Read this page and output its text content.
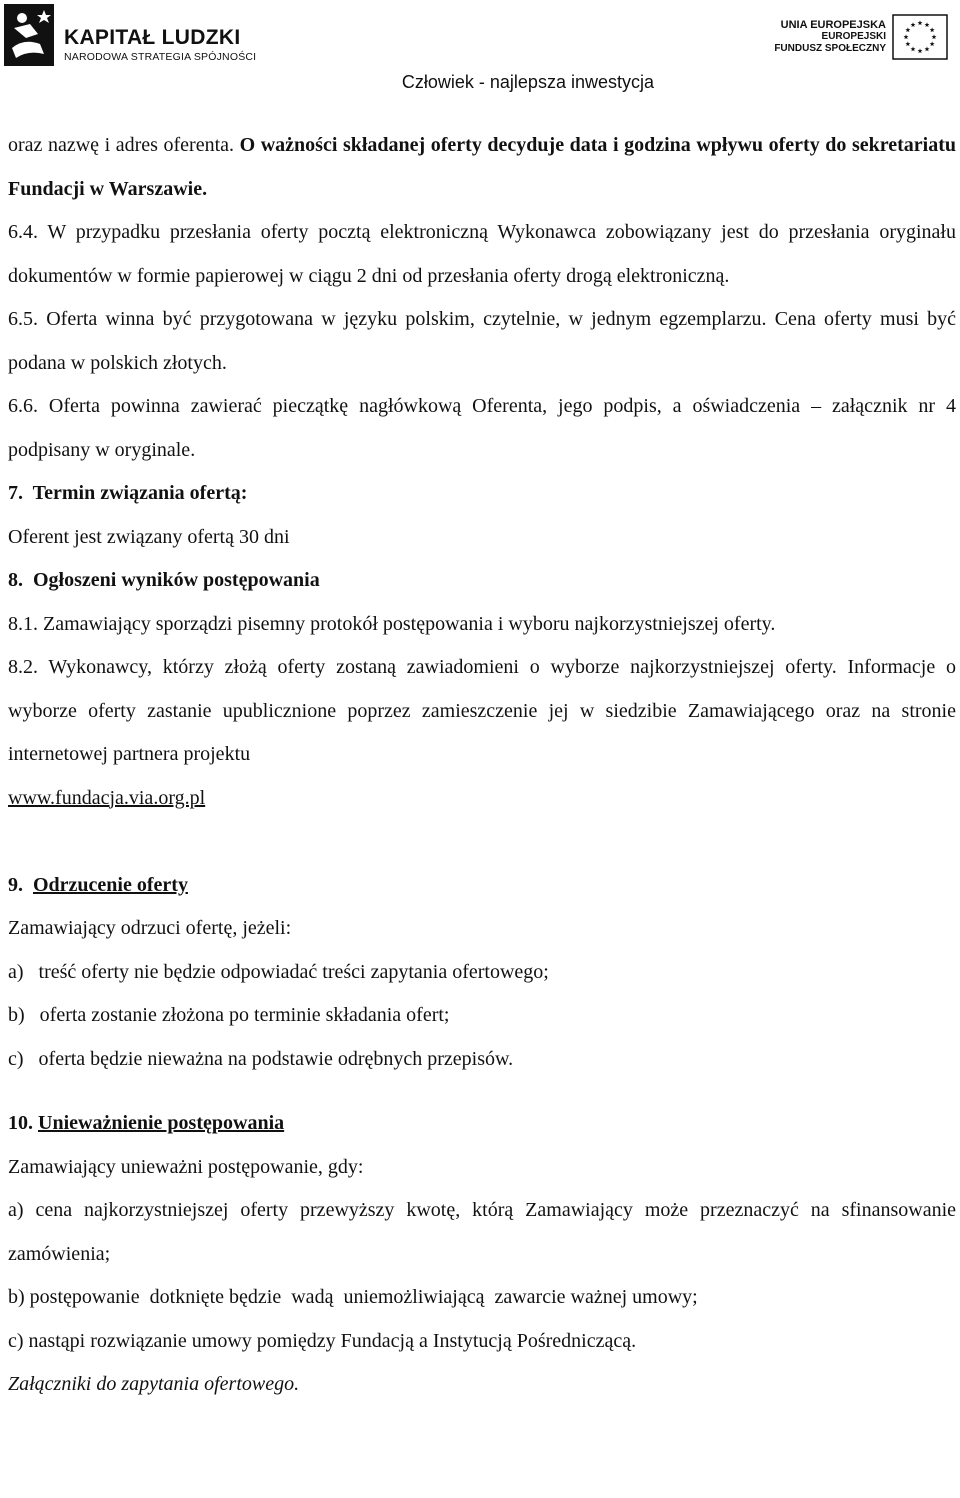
KAPITAŁ LUDZKI
NARODOWA STRATEGIA SPÓJNOŚCI
UNIA EUROPEJSKA
EUROPEJSKI
FUNDUSZ SPOŁECZNY
Człowiek - najlepsza inwestycja

oraz nazwę i adres oferenta. O ważności składanej oferty decyduje data i godzina wpływu oferty do sekretariatu Fundacji w Warszawie.

6.4. W przypadku przesłania oferty pocztą elektroniczną Wykonawca zobowiązany jest do przesłania oryginału dokumentów w formie papierowej w ciągu 2 dni od przesłania oferty drogą elektroniczną.

6.5. Oferta winna być przygotowana w języku polskim, czytelnie, w jednym egzemplarzu. Cena oferty musi być podana w polskich złotych.

6.6. Oferta powinna zawierać pieczątkę nagłówkową Oferenta, jego podpis, a oświadczenia – załącznik nr 4 podpisany w oryginale.

7.  Termin związania ofertą:

Oferent jest związany ofertą 30 dni

8.  Ogłoszeni wyników postępowania

8.1. Zamawiający sporządzi pisemny protokół postępowania i wyboru najkorzystniejszej oferty.

8.2. Wykonawcy, którzy złożą oferty zostaną zawiadomieni o wyborze najkorzystniejszej oferty. Informacje o wyborze oferty zastanie upublicznione poprzez zamieszczenie jej w siedzibie Zamawiającego oraz na stronie internetowej partnera projektu

www.fundacja.via.org.pl

9.  Odrzucenie oferty

Zamawiający odrzuci ofertę, jeżeli:

a)   treść oferty nie będzie odpowiadać treści zapytania ofertowego;

b)   oferta zostanie złożona po terminie składania ofert;

c)   oferta będzie nieważna na podstawie odrębnych przepisów.

10. Unieważnienie postępowania

Zamawiający unieważni postępowanie, gdy:

a) cena najkorzystniejszej oferty przewyższy kwotę, którą Zamawiający może przeznaczyć na sfinansowanie zamówienia;

b) postępowanie  dotknięte będzie  wadą  uniemożliwiającą  zawarcie ważnej umowy;

c) nastąpi rozwiązanie umowy pomiędzy Fundacją a Instytucją Pośredniczącą.

Załączniki do zapytania ofertowego.
